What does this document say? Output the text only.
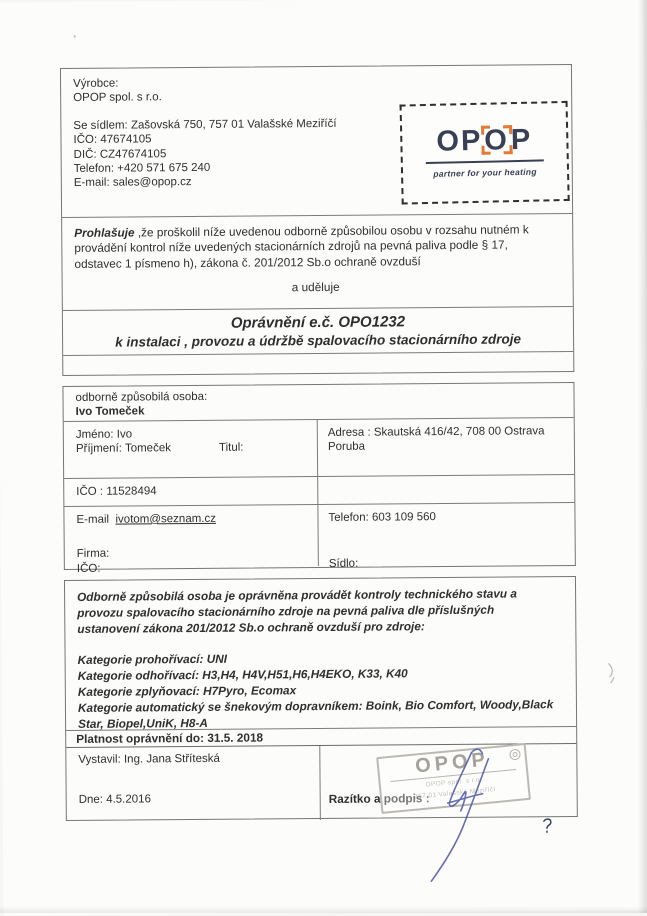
Výrobce:
OPOP spol. s r.o.
Se sídlem: Zašovská 750, 757 01 Valašské Meziříčí
IČO: 47674105
DIČ: CZ47674105
Telefon: +420 571 675 240
E-mail: sales@opop.cz
OP O P
partner for your heating
Prohlašuje ,že proškolil níže uvedenou odborně způsobilou osobu v rozsahu nutném k provádění kontrol níže uvedených stacionárních zdrojů na pevná paliva podle § 17, odstavec 1 písmeno h), zákona č. 201/2012 Sb.o ochraně ovzduší
a uděluje
Oprávnění e.č. OPO1232
k instalaci , provozu a údržbě spalovacího stacionárního zdroje
odborně způsobilá osoba:
Ivo Tomeček
Jméno: Ivo
Příjmení: Tomeček	Titul:
Adresa : Skautská 416/42, 708 00 Ostrava Poruba
IČO : 11528494
E-mail ivotom@seznam.cz
Firma:
IČO:
Telefon: 603 109 560
Sídlo:
Odborně způsobilá osoba je oprávněna provádět kontroly technického stavu a provozu spalovacího stacionárního zdroje na pevná paliva dle příslušných ustanovení zákona 201/2012 Sb.o ochraně ovzduší pro zdroje:
Kategorie prohořívací: UNI
Kategorie odhořívací: H3,H4, H4V,H51,H6,H4EKO, K33, K40
Kategorie zplyňovací: H7Pyro, Ecomax
Kategorie automatický se šnekovým dopravníkem: Boink, Bio Comfort, Woody,Black Star, Biopel,UniK, H8-A
Platnost oprávnění do: 31.5. 2018
Vystavil: Ing. Jana Stříteská
Dne: 4.5.2016	Razítko a podpis :
OPOP
OPOP spol. s r.o.
757 01 Valašské Meziříčí
